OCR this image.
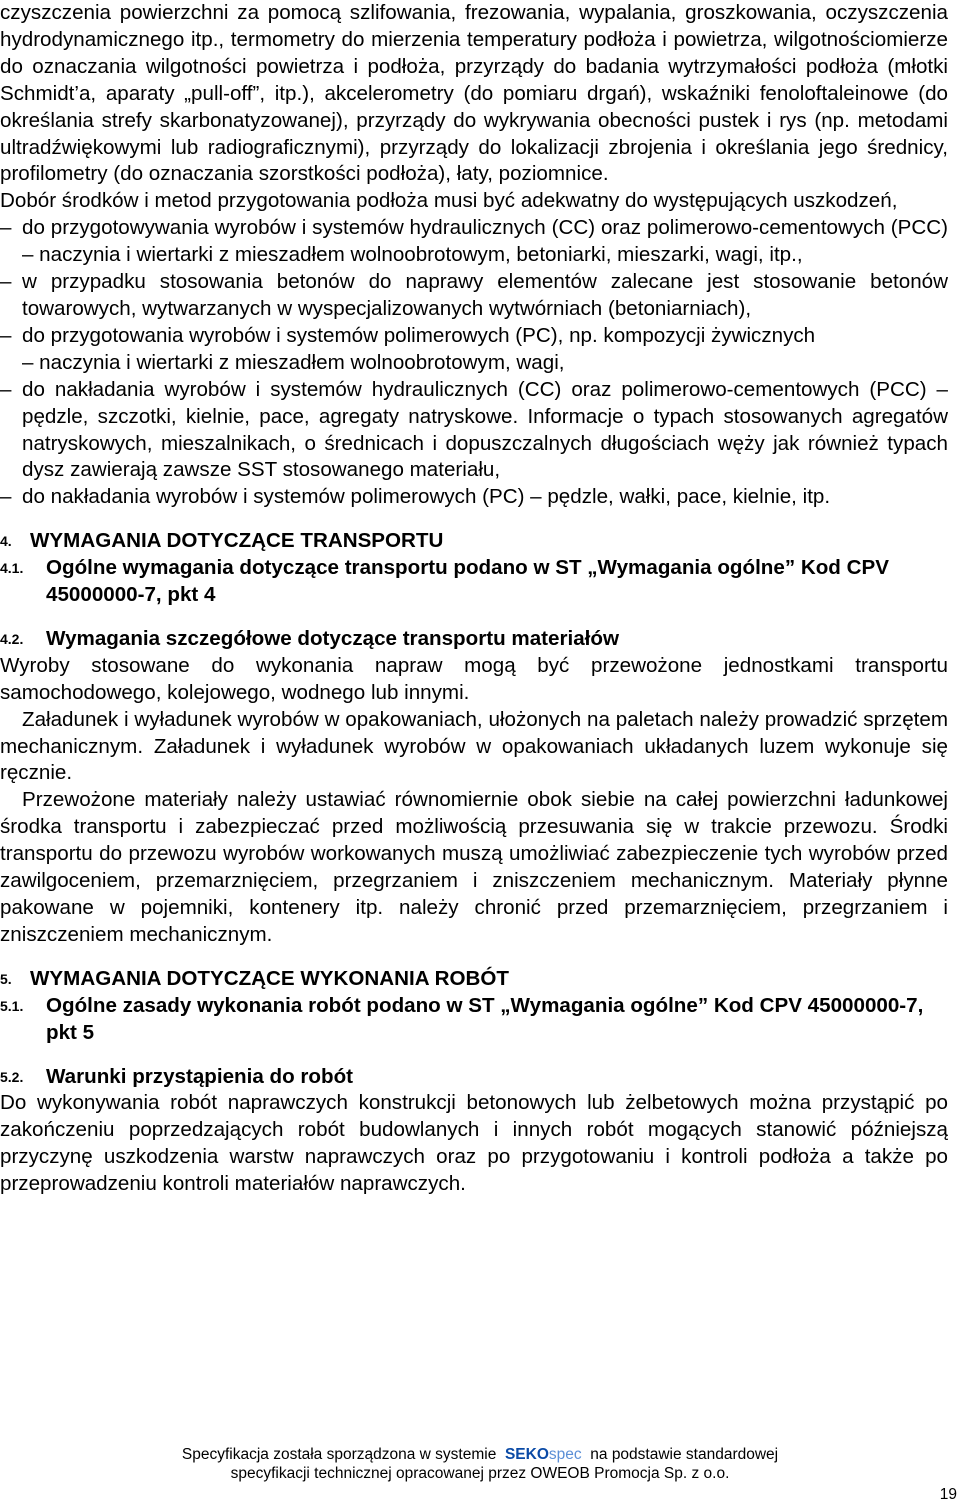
czyszczenia powierzchni za pomocą szlifowania, frezowania, wypalania, groszkowania, oczyszczenia hydrodynamicznego itp., termometry do mierzenia temperatury podłoża i powietrza, wilgotnościomierze do oznaczania wilgotności powietrza i podłoża, przyrządy do badania wytrzymałości podłoża (młotki Schmidt’a, aparaty „pull-off”, itp.), akcelerometry (do pomiaru drgań), wskaźniki fenoloftaleinowe (do określania strefy skarbonatyzowanej), przyrządy do wykrywania obecności pustek i rys (np. metodami ultradźwiękowymi lub radiograficznymi), przyrządy do lokalizacji zbrojenia i określania jego średnicy, profilometry (do oznaczania szorstkości podłoża), łaty, poziomnice.

Dobór środków i metod przygotowania podłoża musi być adekwatny do występujących uszkodzeń,

– do przygotowywania wyrobów i systemów hydraulicznych (CC) oraz polimerowo-cementowych (PCC) – naczynia i wiertarki z mieszadłem wolnoobrotowym, betoniarki, mieszarki, wagi, itp.,
– w przypadku stosowania betonów do naprawy elementów zalecane jest stosowanie betonów towarowych, wytwarzanych w wyspecjalizowanych wytwórniach (betoniarniach),
– do przygotowania wyrobów i systemów polimerowych (PC), np. kompozycji żywicznych
– naczynia i wiertarki z mieszadłem wolnoobrotowym, wagi,
– do nakładania wyrobów i systemów hydraulicznych (CC) oraz polimerowo-cementowych (PCC) – pędzle, szczotki, kielnie, pace, agregaty natryskowe. Informacje o typach stosowanych agregatów natryskowych, mieszalnikach, o średnicach i dopuszczalnych długościach węży jak również typach dysz zawierają zawsze SST stosowanego materiału,
– do nakładania wyrobów i systemów polimerowych (PC) – pędzle, wałki, pace, kielnie, itp.
4. WYMAGANIA DOTYCZĄCE TRANSPORTU
4.1. Ogólne wymagania dotyczące transportu podano w ST „Wymagania ogólne” Kod CPV 45000000-7, pkt 4
4.2. Wymagania szczegółowe dotyczące transportu materiałów

Wyroby stosowane do wykonania napraw mogą być przewożone jednostkami transportu samochodowego, kolejowego, wodnego lub innymi.

Załadunek i wyładunek wyrobów w opakowaniach, ułożonych na paletach należy prowadzić sprzętem mechanicznym. Załadunek i wyładunek wyrobów w opakowaniach układanych luzem wykonuje się ręcznie.

Przewożone materiały należy ustawiać równomiernie obok siebie na całej powierzchni ładunkowej środka transportu i zabezpieczać przed możliwością przesuwania się w trakcie przewozu. Środki transportu do przewozu wyrobów workowanych muszą umożliwiać zabezpieczenie tych wyrobów przed zawilgoceniem, przemarznięciem, przegrzaniem i zniszczeniem mechanicznym. Materiały płynne pakowane w pojemniki, kontenery itp. należy chronić przed przemarznięciem, przegrzaniem i zniszczeniem mechanicznym.

5. WYMAGANIA DOTYCZĄCE WYKONANIA ROBÓT
5.1. Ogólne zasady wykonania robót podano w ST „Wymagania ogólne” Kod CPV 45000000-7, pkt 5
5.2. Warunki przystąpienia do robót

Do wykonywania robót naprawczych konstrukcji betonowych lub żelbetowych można przystąpić po zakończeniu poprzedzających robót budowlanych i innych robót mogących stanowić późniejszą przyczynę uszkodzenia warstw naprawczych oraz po przygotowaniu i kontroli podłoża a także po przeprowadzeniu kontroli materiałów naprawczych.

Specyfikacja została sporządzona w systemie SEKOspec na podstawie standardowej
specyfikacji technicznej opracowanej przez OWEOB Promocja Sp. z o.o.
19
